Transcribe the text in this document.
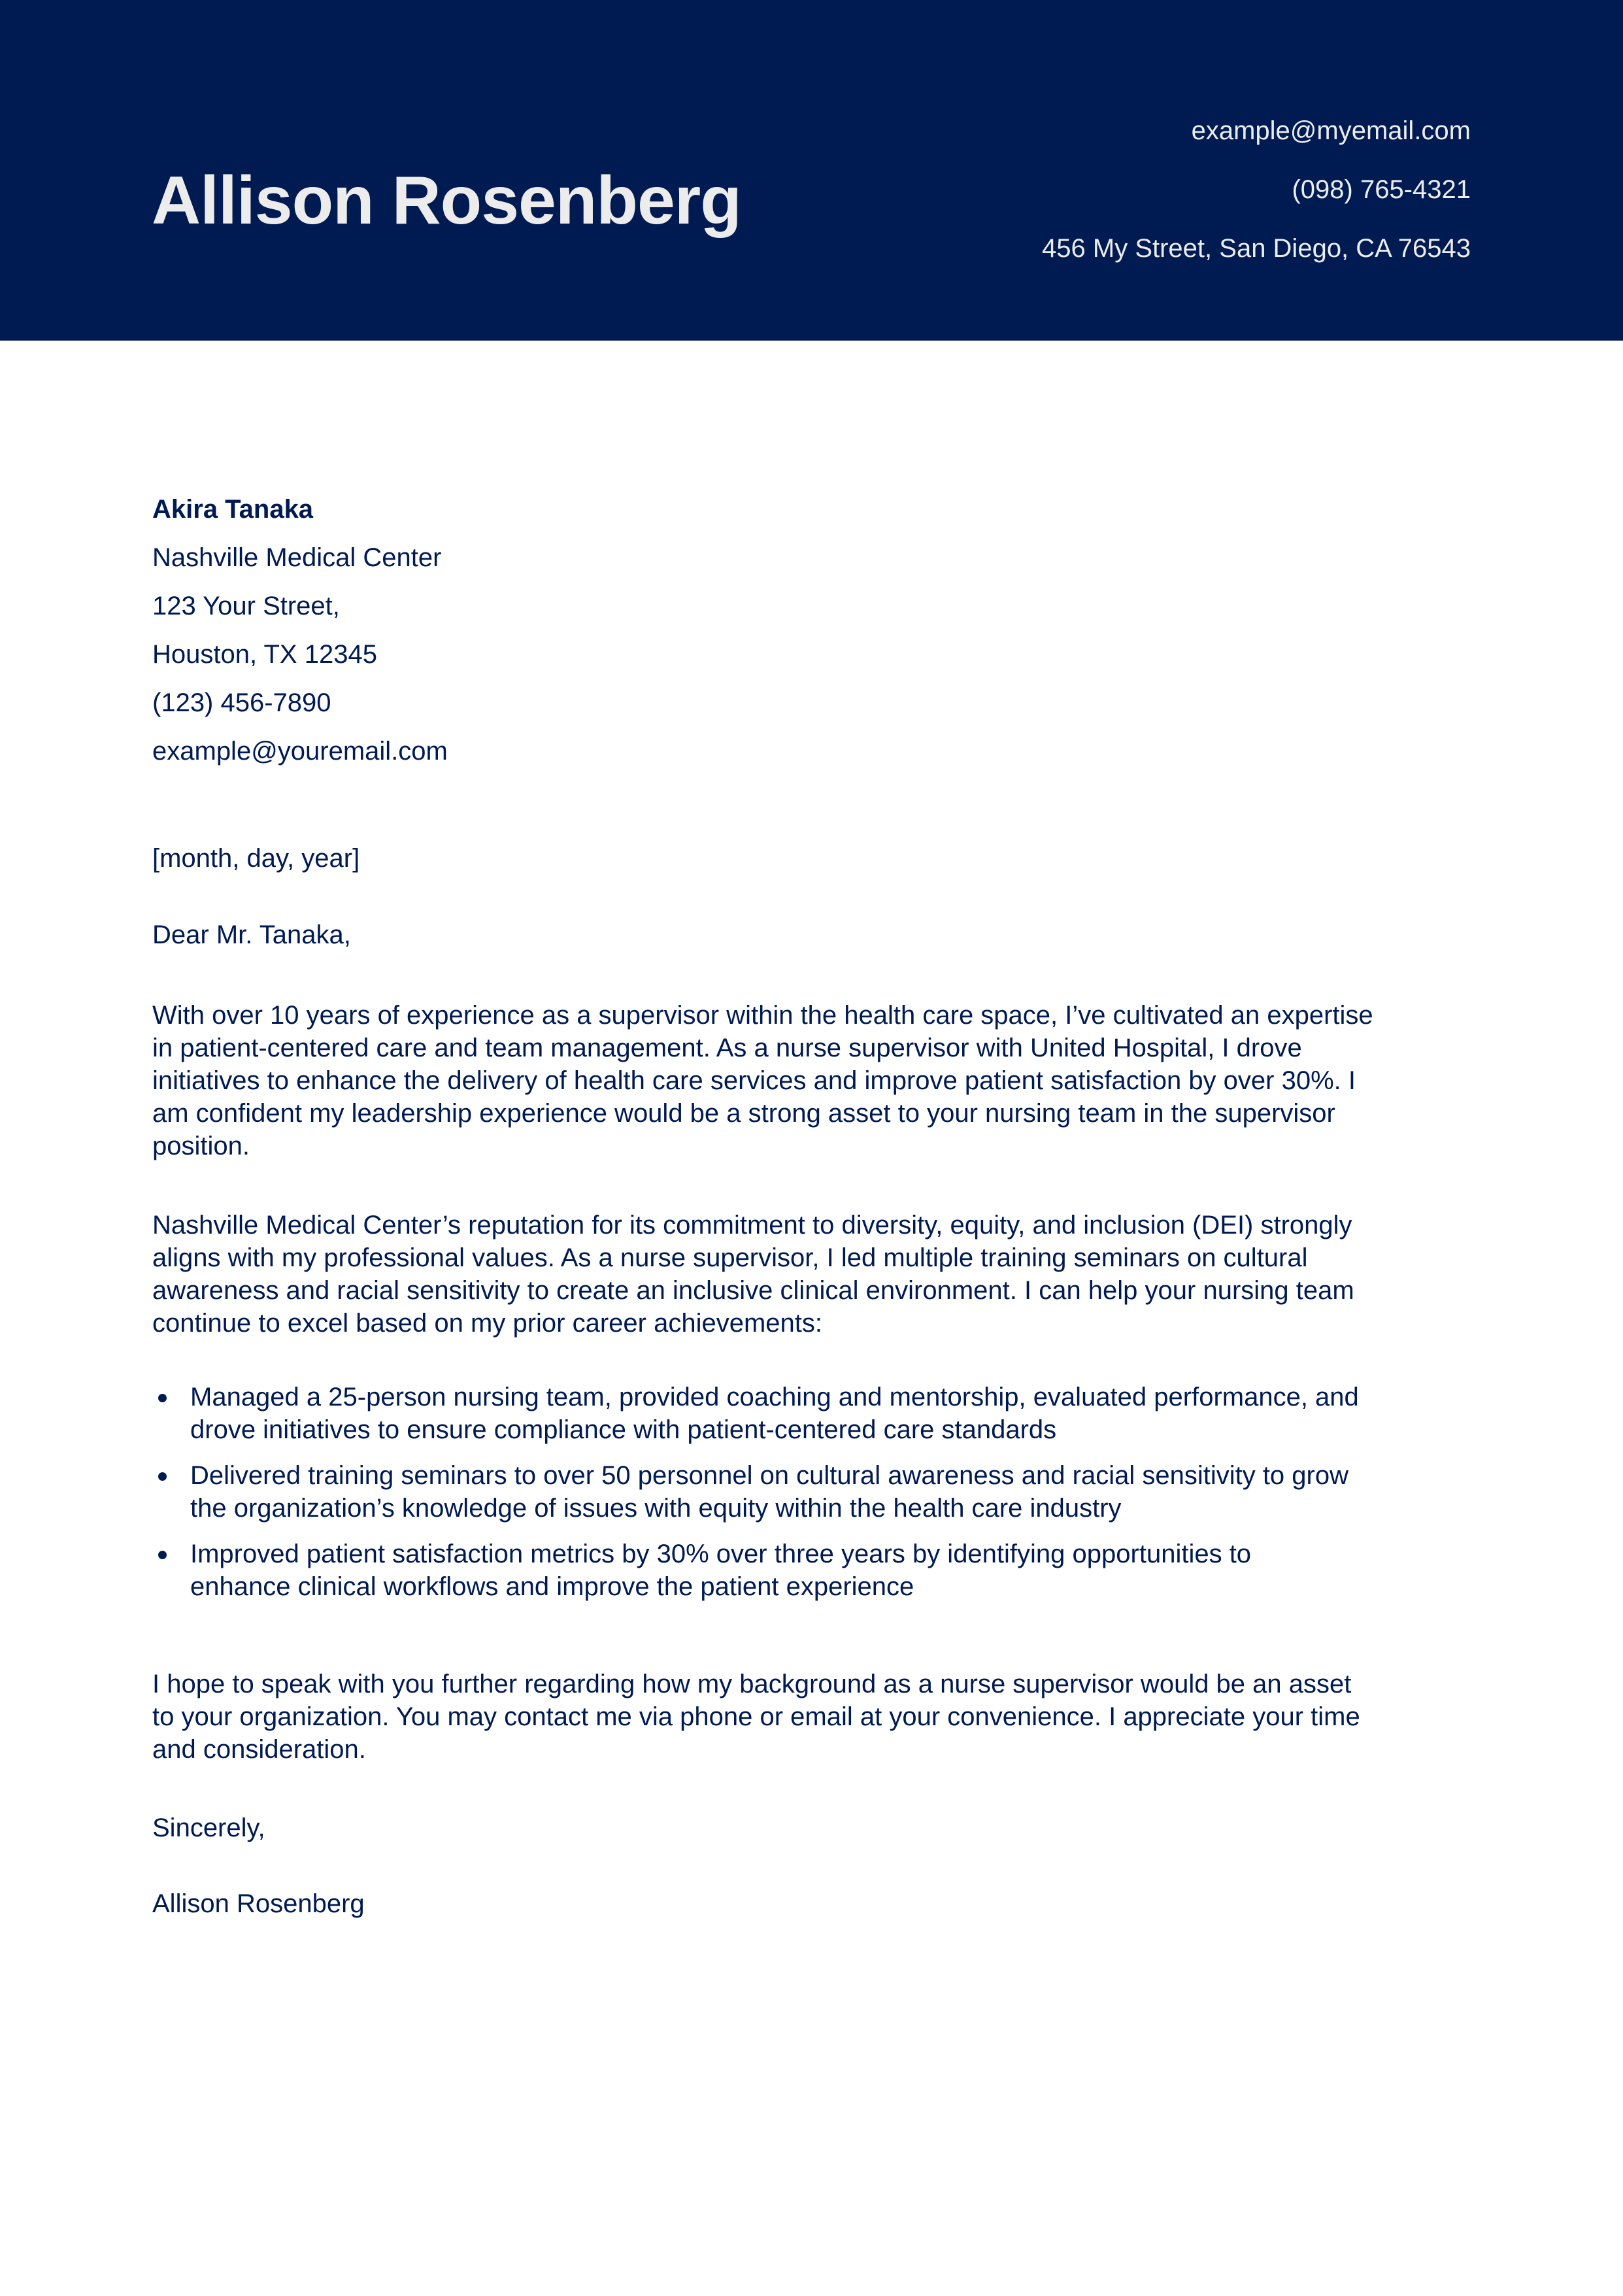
Allison Rosenberg
example@myemail.com
(098) 765-4321
456 My Street, San Diego, CA 76543
Akira Tanaka
Nashville Medical Center
123 Your Street,
Houston, TX 12345
(123) 456-7890
example@youremail.com
[month, day, year]
Dear Mr. Tanaka,
With over 10 years of experience as a supervisor within the health care space, I’ve cultivated an expertise
in patient-centered care and team management. As a nurse supervisor with United Hospital, I drove
initiatives to enhance the delivery of health care services and improve patient satisfaction by over 30%. I
am confident my leadership experience would be a strong asset to your nursing team in the supervisor
position.
Nashville Medical Center’s reputation for its commitment to diversity, equity, and inclusion (DEI) strongly
aligns with my professional values. As a nurse supervisor, I led multiple training seminars on cultural
awareness and racial sensitivity to create an inclusive clinical environment. I can help your nursing team
continue to excel based on my prior career achievements:
Managed a 25-person nursing team, provided coaching and mentorship, evaluated performance, and
drove initiatives to ensure compliance with patient-centered care standards
Delivered training seminars to over 50 personnel on cultural awareness and racial sensitivity to grow
the organization’s knowledge of issues with equity within the health care industry
Improved patient satisfaction metrics by 30% over three years by identifying opportunities to
enhance clinical workflows and improve the patient experience
I hope to speak with you further regarding how my background as a nurse supervisor would be an asset
to your organization. You may contact me via phone or email at your convenience. I appreciate your time
and consideration.
Sincerely,
Allison Rosenberg
